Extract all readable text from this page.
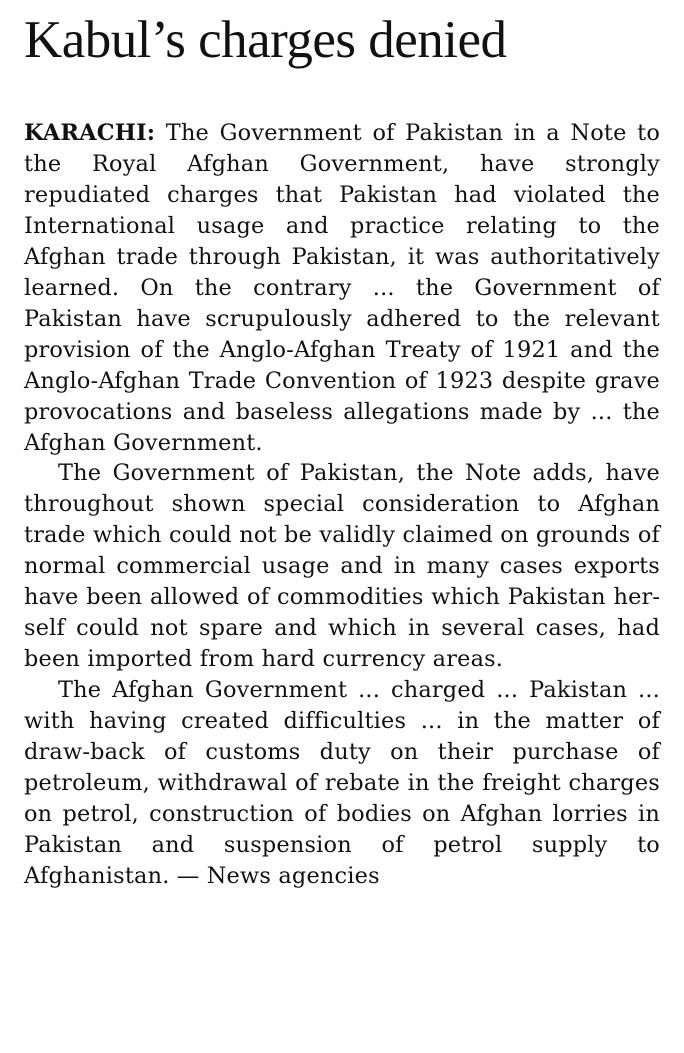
Kabul’s charges denied

KARACHI: The Government of Pakistan in a Note to the Royal Afghan Government, have strongly repudiated charges that Pakistan had violated the International usage and practice relating to the Afghan trade through Pakistan, it was authoritatively learned. On the contrary ... the Government of Pakistan have scrupulously adhered to the relevant provision of the Anglo-Afghan Treaty of 1921 and the Anglo-​Afghan Trade Convention of 1923 despite grave provocations and baseless allegations made by ... the Afghan Government.

The Government of Pakistan, the Note adds, have throughout shown special consideration to Afghan trade which could not be validly claimed on grounds of normal commercial usage and in many cases exports have been allowed of commodities which Pakistan herself could not spare and which in several cases, had been imported from hard currency areas.

The Afghan Government ... charged ... Pakistan ... with having created difficulties ... in the matter of draw-back of customs duty on their purchase of petroleum, withdrawal of rebate in the freight charges on petrol, construction of bodies on Afghan lorries in Pakistan and suspension of petrol supply to Afghanistan. — News agencies
